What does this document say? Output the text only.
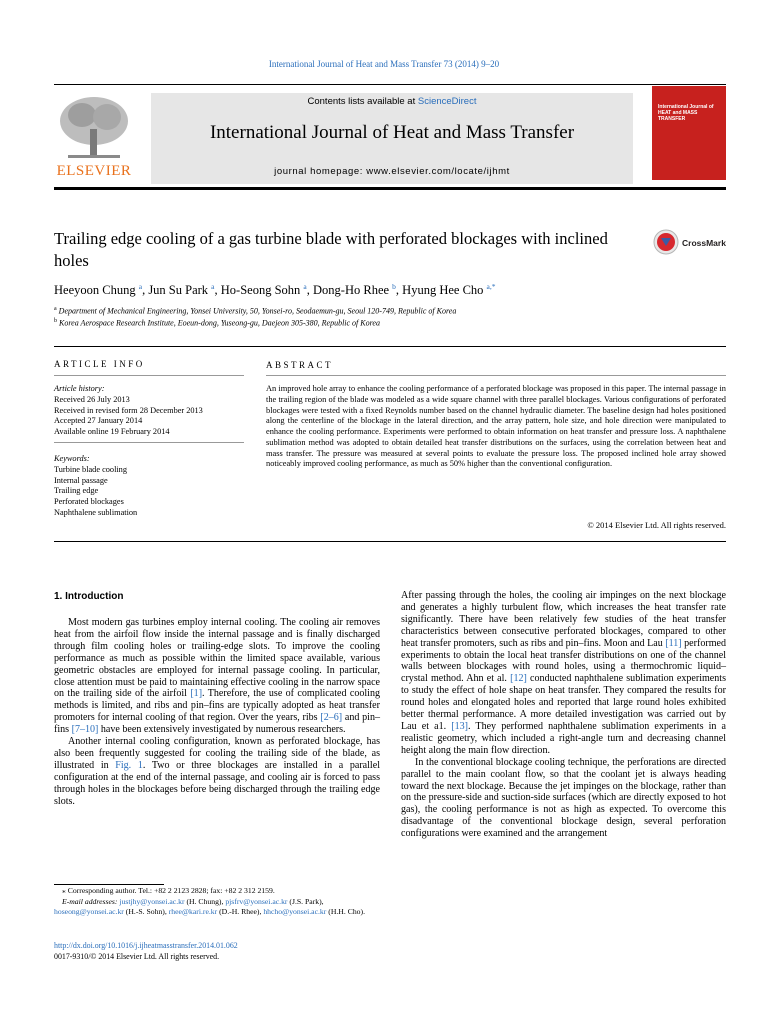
International Journal of Heat and Mass Transfer 73 (2014) 9–20
ELSEVIER
Contents lists available at ScienceDirect
International Journal of Heat and Mass Transfer
journal homepage: www.elsevier.com/locate/ijhmt
International Journal of HEAT and MASS TRANSFER
Trailing edge cooling of a gas turbine blade with perforated blockages with inclined holes
CrossMark
Heeyoon Chung $^a$, Jun Su Park $^a$, Ho-Seong Sohn $^a$, Dong-Ho Rhee $^b$, Hyung Hee Cho $^{a,*}$
$^a$ Department of Mechanical Engineering, Yonsei University, 50, Yonsei-ro, Seodaemun-gu, Seoul 120-749, Republic of Korea
$^b$ Korea Aerospace Research Institute, Eoeun-dong, Yuseong-gu, Daejeon 305-380, Republic of Korea
ARTICLE INFO	ABSTRACT
Article history:
Received 26 July 2013
Received in revised form 28 December 2013
Accepted 27 January 2014
Available online 19 February 2014
Keywords:
Turbine blade cooling
Internal passage
Trailing edge
Perforated blockages
Naphthalene sublimation
An improved hole array to enhance the cooling performance of a perforated blockage was proposed in this paper. The internal passage in the trailing region of the blade was modeled as a wide square channel with three parallel blockages. Various configurations of perforated blockages were tested with a fixed Reynolds number based on the channel hydraulic diameter. The baseline design had holes positioned along the centerline of the blockage in the lateral direction, and the array pattern, hole size, and hole direction were manipulated to enhance the cooling performance. Experiments were performed to obtain information on heat transfer and pressure loss. A naphthalene sublimation method was adopted to obtain detailed heat transfer distributions on the surfaces, using the correlation between heat and mass transfer. The pressure was measured at several points to evaluate the pressure loss. The proposed inclined hole array showed noticeably improved cooling performance, as much as 50% higher than the conventional configuration.
© 2014 Elsevier Ltd. All rights reserved.
1. Introduction

Most modern gas turbines employ internal cooling. The cooling air removes heat from the airfoil flow inside the internal passage and is finally discharged through film cooling holes or trailing-edge slots. To improve the cooling performance as much as possible within the limited space available, various geometric obstacles are employed for internal passage cooling. In particular, close attention must be paid to maintaining effective cooling in the narrow space on the trailing side of the airfoil [1]. Therefore, the use of complicated cooling methods is limited, and ribs and pin–fins are typically adopted as heat transfer promoters for internal cooling of that region. Over the years, ribs [2–6] and pin–fins [7–10] have been extensively investigated by numerous researchers.

Another internal cooling configuration, known as perforated blockage, has also been frequently suggested for cooling the trailing side of the blade, as illustrated in Fig. 1. Two or three blockages are installed in a parallel configuration at the end of the internal passage, and cooling air is forced to pass through holes in the blockages before being discharged through the trailing edge slots.

After passing through the holes, the cooling air impinges on the next blockage and generates a highly turbulent flow, which increases the heat transfer rate significantly. There have been relatively few studies of the heat transfer characteristics between consecutive perforated blockages, compared to other heat transfer promoters, such as ribs and pin–fins. Moon and Lau [11] performed experiments to obtain the local heat transfer distributions on one of the channel walls between blockages with round holes, using a thermochromic liquid–crystal method. Ahn et al. [12] conducted naphthalene sublimation experiments to study the effect of hole shape on heat transfer. They compared the results for round holes and elongated holes and reported that large round holes exhibited better thermal performance. A more detailed investigation was carried out by Lau et a1. [13]. They performed naphthalene sublimation experiments in a realistic geometry, which included a right-angle turn and decreasing channel height along the main flow direction.

In the conventional blockage cooling technique, the perforations are directed parallel to the main coolant flow, so that the coolant jet is always heading toward the next blockage. Because the jet impinges on the blockage, rather than on the pressure-side and suction-side surfaces (which are directly exposed to hot gas), the cooling performance is not as high as expected. To overcome this disadvantage of the conventional blockage design, several perforation configurations were examined and the arrangement

⁎ Corresponding author. Tel.: +82 2 2123 2828; fax: +82 2 312 2159.
E-mail addresses: justjhy@yonsei.ac.kr (H. Chung), pjsfrv@yonsei.ac.kr (J.S. Park), hoseong@yonsei.ac.kr (H.-S. Sohn), rhee@kari.re.kr (D.-H. Rhee), hhcho@yonsei.ac.kr (H.H. Cho).
http://dx.doi.org/10.1016/j.ijheatmasstransfer.2014.01.062
0017-9310/© 2014 Elsevier Ltd. All rights reserved.
